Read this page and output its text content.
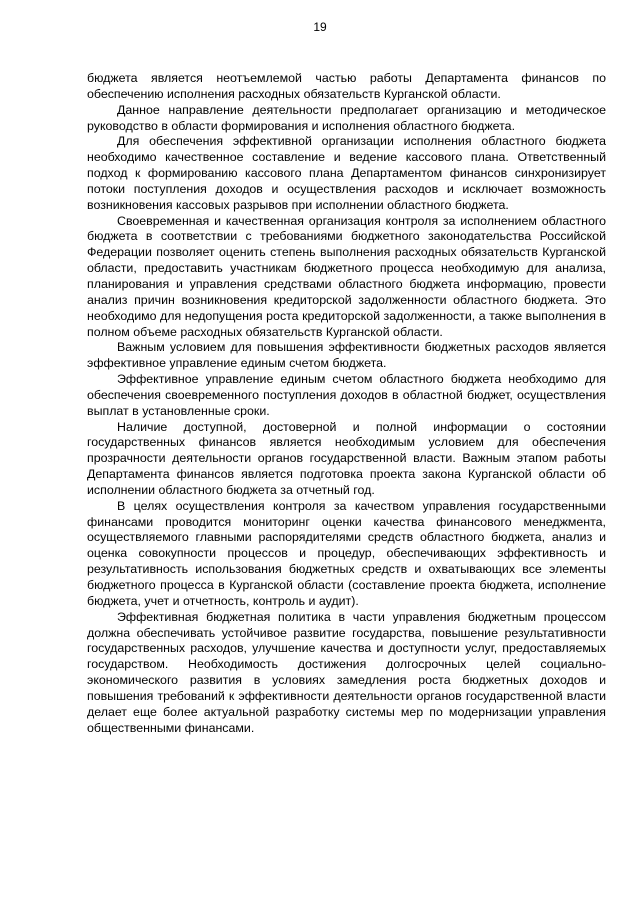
19

бюджета является неотъемлемой частью работы Департамента финансов по обеспечению исполнения расходных обязательств Курганской области.

Данное направление деятельности предполагает организацию и методическое руководство в области формирования и исполнения областного бюджета.

Для обеспечения эффективной организации исполнения областного бюджета необходимо качественное составление и ведение кассового плана. Ответственный подход к формированию кассового плана Департаментом финансов синхронизирует потоки поступления доходов и осуществления расходов и исключает возможность возникновения кассовых разрывов при исполнении областного бюджета.

Своевременная и качественная организация контроля за исполнением областного бюджета в соответствии с требованиями бюджетного законодательства Российской Федерации позволяет оценить степень выполнения расходных обязательств Курганской области, предоставить участникам бюджетного процесса необходимую для анализа, планирования и управления средствами областного бюджета информацию, провести анализ причин возникновения кредиторской задолженности областного бюджета. Это необходимо для недопущения роста кредиторской задолженности, а также выполнения в полном объеме расходных обязательств Курганской области.

Важным условием для повышения эффективности бюджетных расходов является эффективное управление единым счетом бюджета.

Эффективное управление единым счетом областного бюджета необходимо для обеспечения своевременного поступления доходов в областной бюджет, осуществления выплат в установленные сроки.

Наличие доступной, достоверной и полной информации о состоянии государственных финансов является необходимым условием для обеспечения прозрачности деятельности органов государственной власти. Важным этапом работы Департамента финансов является подготовка проекта закона Курганской области об исполнении областного бюджета за отчетный год.

В целях осуществления контроля за качеством управления государственными финансами проводится мониторинг оценки качества финансового менеджмента, осуществляемого главными распорядителями средств областного бюджета, анализ и оценка совокупности процессов и процедур, обеспечивающих эффективность и результативность использования бюджетных средств и охватывающих все элементы бюджетного процесса в Курганской области (составление проекта бюджета, исполнение бюджета, учет и отчетность, контроль и аудит).

Эффективная бюджетная политика в части управления бюджетным процессом должна обеспечивать устойчивое развитие государства, повышение результативности государственных расходов, улучшение качества и доступности услуг, предоставляемых государством. Необходимость достижения долгосрочных целей социально-экономического развития в условиях замедления роста бюджетных доходов и повышения требований к эффективности деятельности органов государственной власти делает еще более актуальной разработку системы мер по модернизации управления общественными финансами.
